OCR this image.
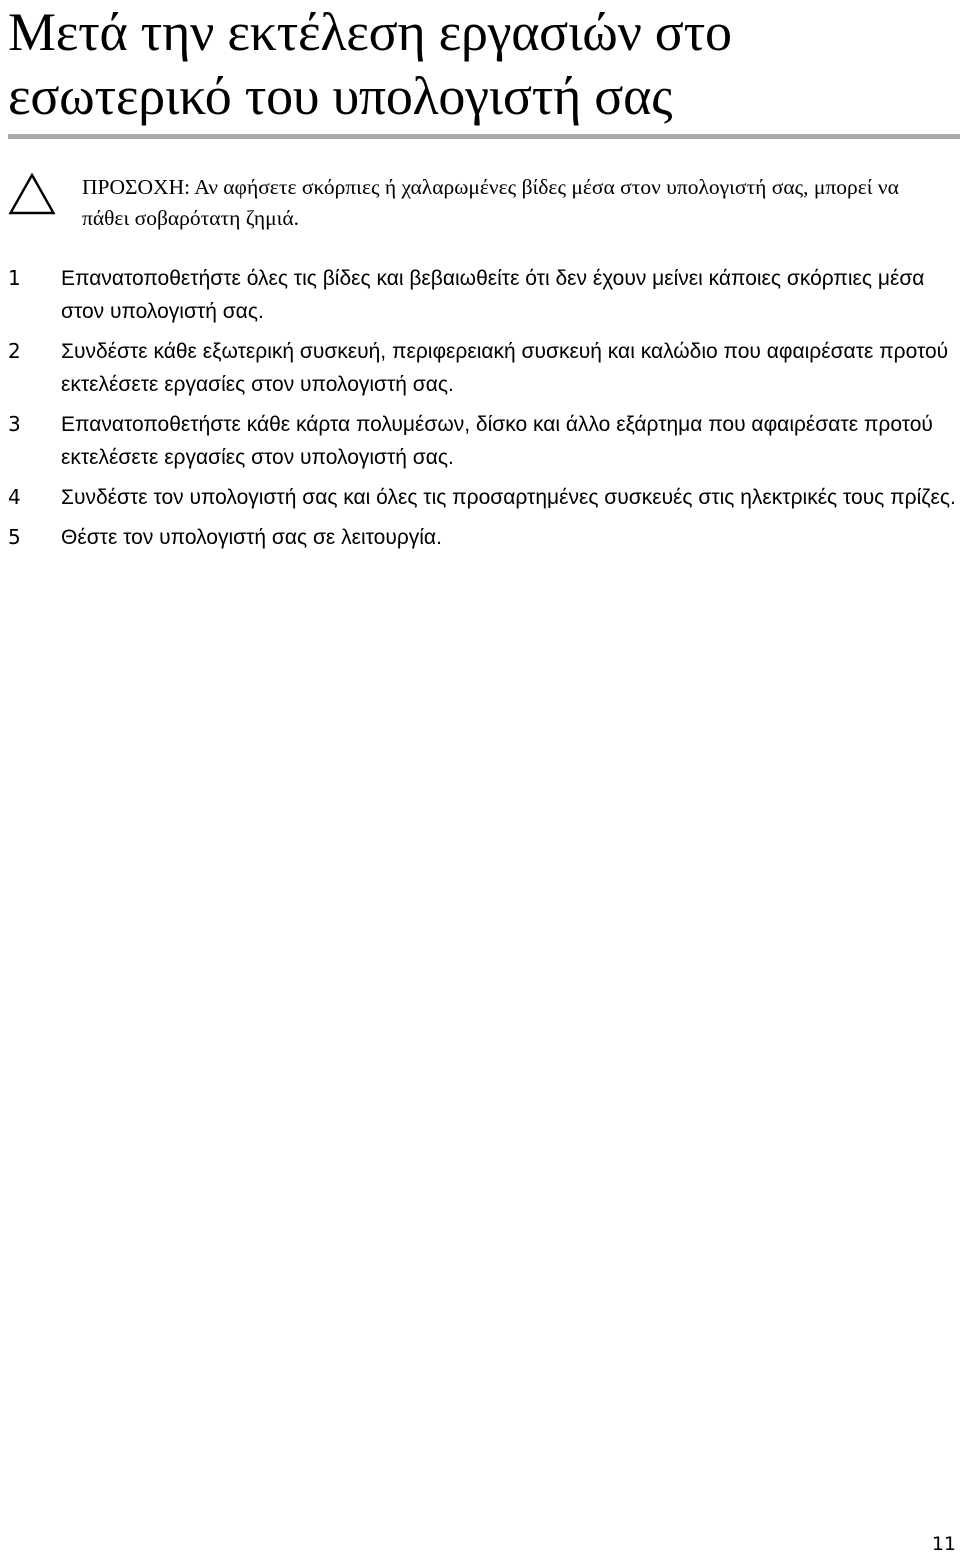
Μετά την εκτέλεση εργασιών στο εσωτερικό του υπολογιστή σας

ΠΡΟΣΟΧΗ: Αν αφήσετε σκόρπιες ή χαλαρωμένες βίδες μέσα στον υπολογιστή σας, μπορεί να πάθει σοβαρότατη ζημιά.

1 Επανατοποθετήστε όλες τις βίδες και βεβαιωθείτε ότι δεν έχουν μείνει κάποιες σκόρπιες μέσα στον υπολογιστή σας.
2 Συνδέστε κάθε εξωτερική συσκευή, περιφερειακή συσκευή και καλώδιο που αφαιρέσατε προτού εκτελέσετε εργασίες στον υπολογιστή σας.
3 Επανατοποθετήστε κάθε κάρτα πολυμέσων, δίσκο και άλλο εξάρτημα που αφαιρέσατε προτού εκτελέσετε εργασίες στον υπολογιστή σας.
4 Συνδέστε τον υπολογιστή σας και όλες τις προσαρτημένες συσκευές στις ηλεκτρικές τους πρίζες.
5 Θέστε τον υπολογιστή σας σε λειτουργία.
11
